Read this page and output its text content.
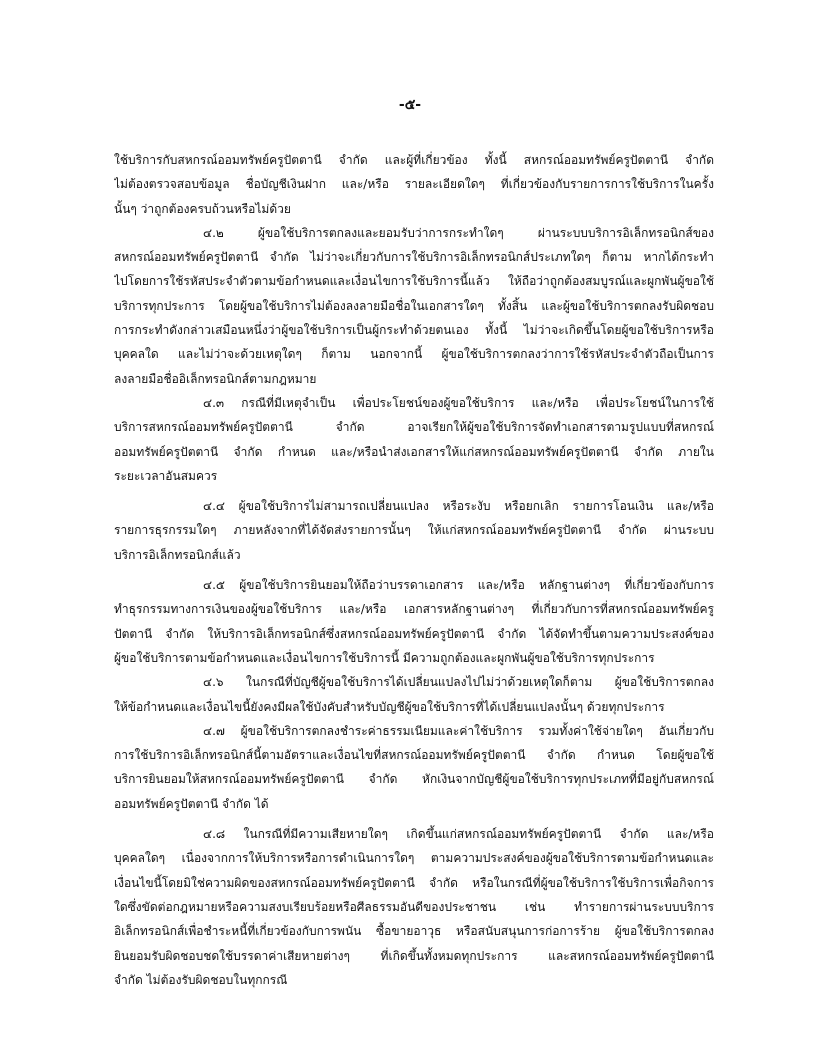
-๕-
ใช้บริการกับสหกรณ์ออมทรัพย์ครูปัตตานี จำกัด และผู้ที่เกี่ยวข้อง ทั้งนี้ สหกรณ์ออมทรัพย์ครูปัตตานี จำกัด
ไม่ต้องตรวจสอบข้อมูล ชื่อบัญชีเงินฝาก และ/หรือ รายละเอียดใดๆ ที่เกี่ยวข้องกับรายการการใช้บริการในครั้ง
นั้นๆ ว่าถูกต้องครบถ้วนหรือไม่ด้วย
๔.๒ ผู้ขอใช้บริการตกลงและยอมรับว่าการกระทำใดๆ ผ่านระบบบริการอิเล็กทรอนิกส์ของ
สหกรณ์ออมทรัพย์ครูปัตตานี จำกัด ไม่ว่าจะเกี่ยวกับการใช้บริการอิเล็กทรอนิกส์ประเภทใดๆ ก็ตาม หากได้กระทำ
ไปโดยการใช้รหัสประจำตัวตามข้อกำหนดและเงื่อนไขการใช้บริการนี้แล้ว ให้ถือว่าถูกต้องสมบูรณ์และผูกพันผู้ขอใช้
บริการทุกประการ โดยผู้ขอใช้บริการไม่ต้องลงลายมือชื่อในเอกสารใดๆ ทั้งสิ้น และผู้ขอใช้บริการตกลงรับผิดชอบ
การกระทำดังกล่าวเสมือนหนึ่งว่าผู้ขอใช้บริการเป็นผู้กระทำด้วยตนเอง ทั้งนี้ ไม่ว่าจะเกิดขึ้นโดยผู้ขอใช้บริการหรือ
บุคคลใด และไม่ว่าจะด้วยเหตุใดๆ ก็ตาม นอกจากนี้ ผู้ขอใช้บริการตกลงว่าการใช้รหัสประจำตัวถือเป็นการ
ลงลายมือชื่ออิเล็กทรอนิกส์ตามกฎหมาย
๔.๓ กรณีที่มีเหตุจำเป็น เพื่อประโยชน์ของผู้ขอใช้บริการ และ/หรือ เพื่อประโยชน์ในการใช้
บริการสหกรณ์ออมทรัพย์ครูปัตตานี จำกัด อาจเรียกให้ผู้ขอใช้บริการจัดทำเอกสารตามรูปแบบที่สหกรณ์
ออมทรัพย์ครูปัตตานี จำกัด กำหนด และ/หรือนำส่งเอกสารให้แก่สหกรณ์ออมทรัพย์ครูปัตตานี จำกัด ภายใน
ระยะเวลาอันสมควร
๔.๔ ผู้ขอใช้บริการไม่สามารถเปลี่ยนแปลง หรือระงับ หรือยกเลิก รายการโอนเงิน และ/หรือ
รายการธุรกรรมใดๆ ภายหลังจากที่ได้จัดส่งรายการนั้นๆ ให้แก่สหกรณ์ออมทรัพย์ครูปัตตานี จำกัด ผ่านระบบ
บริการอิเล็กทรอนิกส์แล้ว
๔.๕ ผู้ขอใช้บริการยินยอมให้ถือว่าบรรดาเอกสาร และ/หรือ หลักฐานต่างๆ ที่เกี่ยวข้องกับการ
ทำธุรกรรมทางการเงินของผู้ขอใช้บริการ และ/หรือ เอกสารหลักฐานต่างๆ ที่เกี่ยวกับการที่สหกรณ์ออมทรัพย์ครู
ปัตตานี จำกัด ให้บริการอิเล็กทรอนิกส์ซึ่งสหกรณ์ออมทรัพย์ครูปัตตานี จำกัด ได้จัดทำขึ้นตามความประสงค์ของ
ผู้ขอใช้บริการตามข้อกำหนดและเงื่อนไขการใช้บริการนี้ มีความถูกต้องและผูกพันผู้ขอใช้บริการทุกประการ
๔.๖ ในกรณีที่บัญชีผู้ขอใช้บริการได้เปลี่ยนแปลงไปไม่ว่าด้วยเหตุใดก็ตาม ผู้ขอใช้บริการตกลง
ให้ข้อกำหนดและเงื่อนไขนี้ยังคงมีผลใช้บังคับสำหรับบัญชีผู้ขอใช้บริการที่ได้เปลี่ยนแปลงนั้นๆ ด้วยทุกประการ
๔.๗ ผู้ขอใช้บริการตกลงชำระค่าธรรมเนียมและค่าใช้บริการ รวมทั้งค่าใช้จ่ายใดๆ อันเกี่ยวกับ
การใช้บริการอิเล็กทรอนิกส์นี้ตามอัตราและเงื่อนไขที่สหกรณ์ออมทรัพย์ครูปัตตานี จำกัด กำหนด โดยผู้ขอใช้
บริการยินยอมให้สหกรณ์ออมทรัพย์ครูปัตตานี จำกัด หักเงินจากบัญชีผู้ขอใช้บริการทุกประเภทที่มีอยู่กับสหกรณ์
ออมทรัพย์ครูปัตตานี จำกัด ได้
๔.๘ ในกรณีที่มีความเสียหายใดๆ เกิดขึ้นแก่สหกรณ์ออมทรัพย์ครูปัตตานี จำกัด และ/หรือ
บุคคลใดๆ เนื่องจากการให้บริการหรือการดำเนินการใดๆ ตามความประสงค์ของผู้ขอใช้บริการตามข้อกำหนดและ
เงื่อนไขนี้โดยมิใช่ความผิดของสหกรณ์ออมทรัพย์ครูปัตตานี จำกัด หรือในกรณีที่ผู้ขอใช้บริการใช้บริการเพื่อกิจการ
ใดซึ่งขัดต่อกฎหมายหรือความสงบเรียบร้อยหรือศีลธรรมอันดีของประชาชน เช่น ทำรายการผ่านระบบบริการ
อิเล็กทรอนิกส์เพื่อชำระหนี้ที่เกี่ยวข้องกับการพนัน ซื้อขายอาวุธ หรือสนับสนุนการก่อการร้าย ผู้ขอใช้บริการตกลง
ยินยอมรับผิดชอบชดใช้บรรดาค่าเสียหายต่างๆ ที่เกิดขึ้นทั้งหมดทุกประการ และสหกรณ์ออมทรัพย์ครูปัตตานี
จำกัด ไม่ต้องรับผิดชอบในทุกกรณี
